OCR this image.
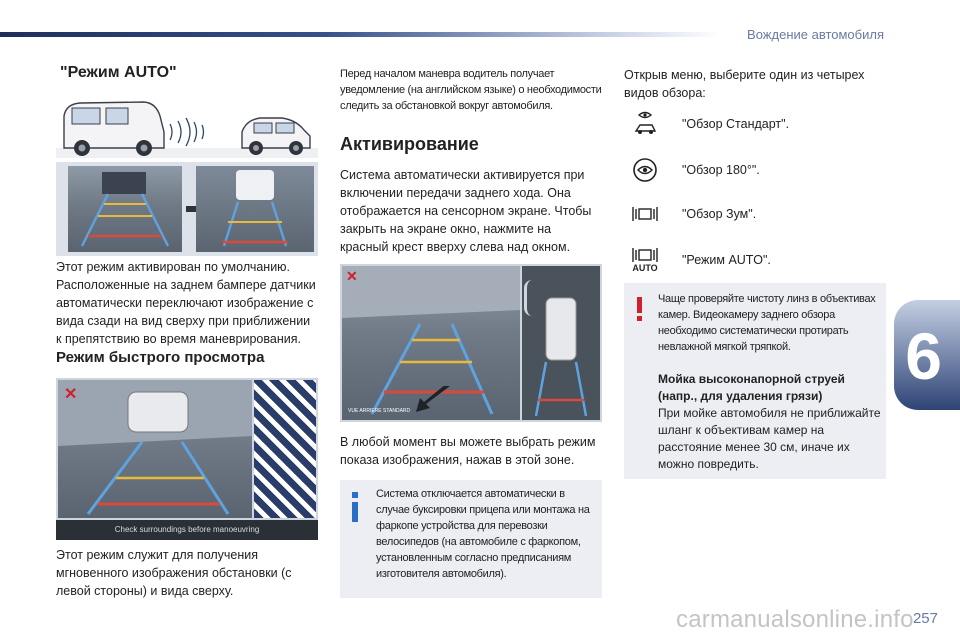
Вождение автомобиля
6
"Режим AUTO"

Этот режим активирован по умолчанию. Расположенные на заднем бампере датчики автоматически переключают изображение с вида сзади на вид сверху при приближении к препятствию во время маневрирования.

Режим быстрого просмотра
✕
Check surroundings before manoeuvring

Этот режим служит для получения мгновенного изображения обстановки (с левой стороны) и вида сверху.

Перед началом маневра водитель получает уведомление (на английском языке) о необходимости следить за обстановкой вокруг автомобиля.

Активирование

Система автоматически активируется при включении передачи заднего хода. Она отображается на сенсорном экране. Чтобы закрыть на экране окно, нажмите на красный крест вверху слева над окном.

VUE ARRIERE STANDARD
✕

В любой момент вы можете выбрать режим показа изображения, нажав в этой зоне.

Система отключается автоматически в случае буксировки прицепа или монтажа на фаркопе устройства для перевозки велосипедов (на автомобиле с фаркопом, установленным согласно предписаниям изготовителя автомобиля).

Открыв меню, выберите один из четырех видов обзора:

"Обзор Стандарт".
"Обзор 180°".
"Обзор Зум".
AUTO
"Режим AUTO".

Чаще проверяйте чистоту линз в объективах камер. Видеокамеру заднего обзора необходимо систематически протирать невлажной мягкой тряпкой.

Мойка высоконапорной струей (напр., для удаления грязи)

При мойке автомобиля не приближайте шланг к объективам камер на расстояние менее 30 см, иначе их можно повредить.

carmanualsonline.info 257
